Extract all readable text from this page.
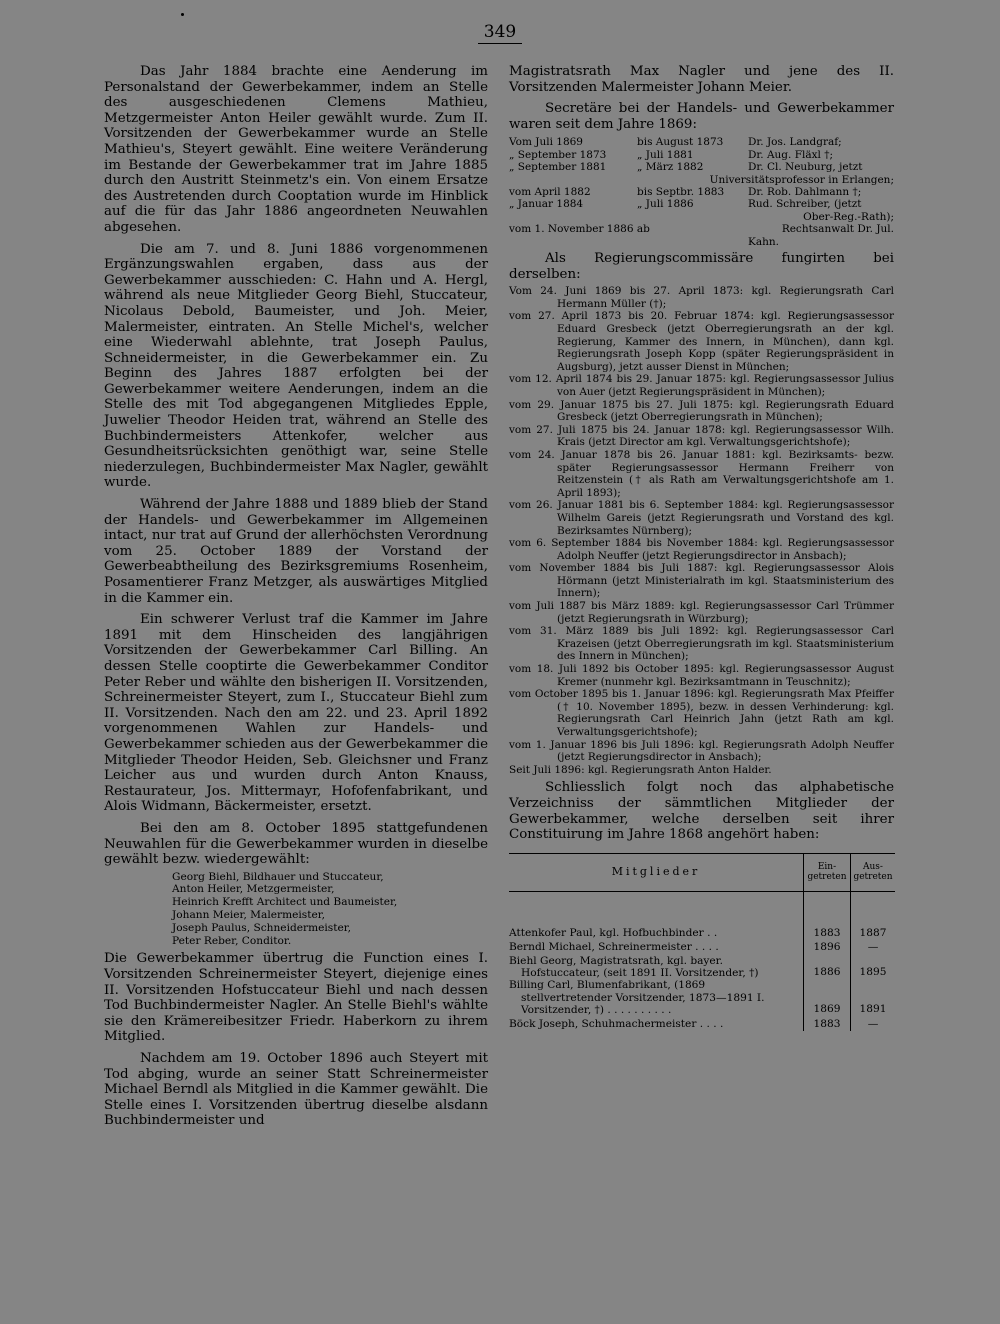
349

Das Jahr 1884 brachte eine Aenderung im Personalstand der Gewerbekammer, indem an Stelle des ausgeschiedenen Clemens Mathieu, Metzgermeister Anton Heiler gewählt wurde. Zum II. Vorsitzenden der Gewerbekammer wurde an Stelle Mathieu's, Steyert gewählt. Eine weitere Veränderung im Bestande der Gewerbekammer trat im Jahre 1885 durch den Austritt Steinmetz's ein. Von einem Ersatze des Austretenden durch Cooptation wurde im Hinblick auf die für das Jahr 1886 angeordneten Neuwahlen abgesehen.

Die am 7. und 8. Juni 1886 vorgenommenen Ergänzungswahlen ergaben, dass aus der Gewerbekammer ausschieden: C. Hahn und A. Hergl, während als neue Mitglieder Georg Biehl, Stuccateur, Nicolaus Debold, Baumeister, und Joh. Meier, Malermeister, eintraten. An Stelle Michel's, welcher eine Wiederwahl ablehnte, trat Joseph Paulus, Schneidermeister, in die Gewerbekammer ein. Zu Beginn des Jahres 1887 erfolgten bei der Gewerbekammer weitere Aenderungen, indem an die Stelle des mit Tod abgegangenen Mitgliedes Epple, Juwelier Theodor Heiden trat, während an Stelle des Buchbindermeisters Attenkofer, welcher aus Gesundheitsrücksichten genöthigt war, seine Stelle niederzulegen, Buchbindermeister Max Nagler, gewählt wurde.

Während der Jahre 1888 und 1889 blieb der Stand der Handels- und Gewerbekammer im Allgemeinen intact, nur trat auf Grund der allerhöchsten Verordnung vom 25. October 1889 der Vorstand der Gewerbeabtheilung des Bezirksgremiums Rosenheim, Posamentierer Franz Metzger, als auswärtiges Mitglied in die Kammer ein.

Ein schwerer Verlust traf die Kammer im Jahre 1891 mit dem Hinscheiden des langjährigen Vorsitzenden der Gewerbekammer Carl Billing. An dessen Stelle cooptirte die Gewerbekammer Conditor Peter Reber und wählte den bisherigen II. Vorsitzenden, Schreinermeister Steyert, zum I., Stuccateur Biehl zum II. Vorsitzenden. Nach den am 22. und 23. April 1892 vorgenommenen Wahlen zur Handels- und Gewerbekammer schieden aus der Gewerbekammer die Mitglieder Theodor Heiden, Seb. Gleichsner und Franz Leicher aus und wurden durch Anton Knauss, Restaurateur, Jos. Mittermayr, Hofofenfabrikant, und Alois Widmann, Bäckermeister, ersetzt.

Bei den am 8. October 1895 stattgefundenen Neuwahlen für die Gewerbekammer wurden in dieselbe gewählt bezw. wiedergewählt:

Georg Biehl, Bildhauer und Stuccateur,
Anton Heiler, Metzgermeister,
Heinrich Krefft Architect und Baumeister,
Johann Meier, Malermeister,
Joseph Paulus, Schneidermeister,
Peter Reber, Conditor.

Die Gewerbekammer übertrug die Function eines I. Vorsitzenden Schreinermeister Steyert, diejenige eines II. Vorsitzenden Hofstuccateur Biehl und nach dessen Tod Buchbindermeister Nagler. An Stelle Biehl's wählte sie den Krämereibesitzer Friedr. Haberkorn zu ihrem Mitglied.

Nachdem am 19. October 1896 auch Steyert mit Tod abging, wurde an seiner Statt Schreinermeister Michael Berndl als Mitglied in die Kammer gewählt. Die Stelle eines I. Vorsitzenden übertrug dieselbe alsdann Buchbindermeister und

Magistratsrath Max Nagler und jene des II. Vorsitzenden Malermeister Johann Meier.

Secretäre bei der Handels- und Gewerbekammer waren seit dem Jahre 1869:

Vom Juli 1869	bis August 1873	Dr. Jos. Landgraf;
„ September 1873	„ Juli 1881	Dr. Aug. Fläxl †;
„ September 1881	„ März 1882	Dr. Cl. Neuburg, jetzt
Universitätsprofessor in Erlangen;
vom April 1882	bis Septbr. 1883	Dr. Rob. Dahlmann †;
„ Januar 1884	„ Juli 1886	Rud. Schreiber, (jetzt
Ober-Reg.-Rath);
vom 1. November 1886 ab	Rechtsanwalt Dr. Jul.
Kahn.

Als Regierungscommissäre fungirten bei derselben:

Vom 24. Juni 1869 bis 27. April 1873: kgl. Regierungsrath Carl Hermann Müller (†);
vom 27. April 1873 bis 20. Februar 1874: kgl. Regierungsassessor Eduard Gresbeck (jetzt Oberregierungsrath an der kgl. Regierung, Kammer des Innern, in München), dann kgl. Regierungsrath Joseph Kopp (später Regierungspräsident in Augsburg), jetzt ausser Dienst in München;
vom 12. April 1874 bis 29. Januar 1875: kgl. Regierungsassessor Julius von Auer (jetzt Regierungspräsident in München);
vom 29. Januar 1875 bis 27. Juli 1875: kgl. Regierungsrath Eduard Gresbeck (jetzt Oberregierungsrath in München);
vom 27. Juli 1875 bis 24. Januar 1878: kgl. Regierungsassessor Wilh. Krais (jetzt Director am kgl. Verwaltungsgerichtshofe);
vom 24. Januar 1878 bis 26. Januar 1881: kgl. Bezirksamts- bezw. später Regierungsassessor Hermann Freiherr von Reitzenstein († als Rath am Verwaltungsgerichtshofe am 1. April 1893);
vom 26. Januar 1881 bis 6. September 1884: kgl. Regierungsassessor Wilhelm Gareis (jetzt Regierungsrath und Vorstand des kgl. Bezirksamtes Nürnberg);
vom 6. September 1884 bis November 1884: kgl. Regierungsassessor Adolph Neuffer (jetzt Regierungsdirector in Ansbach);
vom November 1884 bis Juli 1887: kgl. Regierungsassessor Alois Hörmann (jetzt Ministerialrath im kgl. Staatsministerium des Innern);
vom Juli 1887 bis März 1889: kgl. Regierungsassessor Carl Trümmer (jetzt Regierungsrath in Würzburg);
vom 31. März 1889 bis Juli 1892: kgl. Regierungsassessor Carl Krazeisen (jetzt Oberregierungsrath im kgl. Staatsministerium des Innern in München);
vom 18. Juli 1892 bis October 1895: kgl. Regierungsassessor August Kremer (nunmehr kgl. Bezirksamtmann in Teuschnitz);
vom October 1895 bis 1. Januar 1896: kgl. Regierungsrath Max Pfeiffer († 10. November 1895), bezw. in dessen Verhinderung: kgl. Regierungsrath Carl Heinrich Jahn (jetzt Rath am kgl. Verwaltungsgerichtshofe);
vom 1. Januar 1896 bis Juli 1896: kgl. Regierungsrath Adolph Neuffer (jetzt Regierungsdirector in Ansbach);
Seit Juli 1896: kgl. Regierungsrath Anton Halder.

Schliesslich folgt noch das alphabetische Verzeichniss der sämmtlichen Mitglieder der Gewerbekammer, welche derselben seit ihrer Constituirung im Jahre 1868 angehört haben:

Mitglieder	Ein-getreten	Aus-getreten

Attenkofer Paul, kgl. Hofbuchbinder . .	1883	1887
Berndl Michael, Schreinermeister . . . .	1896	—
Biehl Georg, Magistratsrath, kgl. bayer. Hofstuccateur, (seit 1891 II. Vorsitzender, †)	1886	1895
Billing Carl, Blumenfabrikant, (1869 stellvertretender Vorsitzender, 1873—1891 I. Vorsitzender, †) . . . . . . . . . .	1869	1891
Böck Joseph, Schuhmachermeister . . . .	1883	—
